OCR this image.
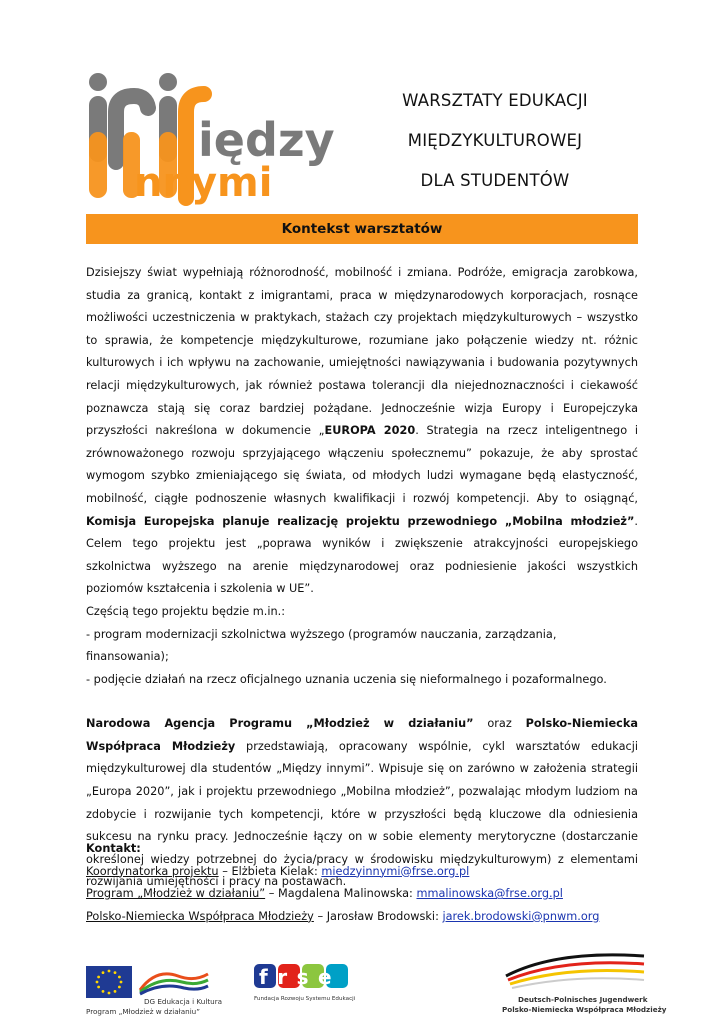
iędzy
nnymi
WARSZTATY EDUKACJI
MIĘDZYKULTUROWEJ
DLA STUDENTÓW
Kontekst warsztatów

Dzisiejszy świat wypełniają różnorodność, mobilność i zmiana. Podróże, emigracja zarobkowa, studia za granicą, kontakt z imigrantami, praca w międzynarodowych korporacjach, rosnące możliwości uczestniczenia w praktykach, stażach czy projektach międzykulturowych – wszystko to sprawia, że kompetencje międzykulturowe, rozumiane jako połączenie wiedzy nt. różnic kulturowych i ich wpływu na zachowanie, umiejętności nawiązywania i budowania pozytywnych relacji międzykulturowych, jak również postawa tolerancji dla niejednoznaczności i ciekawość poznawcza stają się coraz bardziej pożądane. Jednocześnie wizja Europy i Europejczyka przyszłości nakreślona w dokumencie „EUROPA 2020. Strategia na rzecz inteligentnego i zrównoważonego rozwoju sprzyjającego włączeniu społecznemu” pokazuje, że aby sprostać wymogom szybko zmieniającego się świata, od młodych ludzi wymagane będą elastyczność, mobilność, ciągłe podnoszenie własnych kwalifikacji i rozwój kompetencji. Aby to osiągnąć, Komisja Europejska planuje realizację projektu przewodniego „Mobilna młodzież”. Celem tego projektu jest „poprawa wyników i zwiększenie atrakcyjności europejskiego szkolnictwa wyższego na arenie międzynarodowej oraz podniesienie jakości wszystkich poziomów kształcenia i szkolenia w UE”.

Częścią tego projektu będzie m.in.:

- program modernizacji szkolnictwa wyższego (programów nauczania, zarządzania, finansowania);

- podjęcie działań na rzecz oficjalnego uznania uczenia się nieformalnego i pozaformalnego.

Narodowa Agencja Programu „Młodzież w działaniu” oraz Polsko-Niemiecka Współpraca Młodzieży przedstawiają, opracowany wspólnie, cykl warsztatów edukacji międzykulturowej dla studentów „Między innymi”. Wpisuje się on zarówno w założenia strategii „Europa 2020”, jak i projektu przewodniego „Mobilna młodzież”, pozwalając młodym ludziom na zdobycie i rozwijanie tych kompetencji, które w przyszłości będą kluczowe dla odniesienia sukcesu na rynku pracy. Jednocześnie łączy on w sobie elementy merytoryczne (dostarczanie określonej wiedzy potrzebnej do życia/pracy w środowisku międzykulturowym) z elementami rozwijania umiejętności i pracy na postawach.

Kontakt:
Koordynatorka projektu – Elżbieta Kielak: miedzyinnymi@frse.org.pl
Program „Młodzież w działaniu” – Magdalena Malinowska: mmalinowska@frse.org.pl
Polsko-Niemiecka Współpraca Młodzieży – Jarosław Brodowski: jarek.brodowski@pnwm.org
DG Edukacja i Kultura
Program „Młodzież w działaniu”
frse
Fundacja Rozwoju Systemu Edukacji	Deutsch-Polnisches Jugendwerk
Polsko-Niemiecka Współpraca Młodzieży
